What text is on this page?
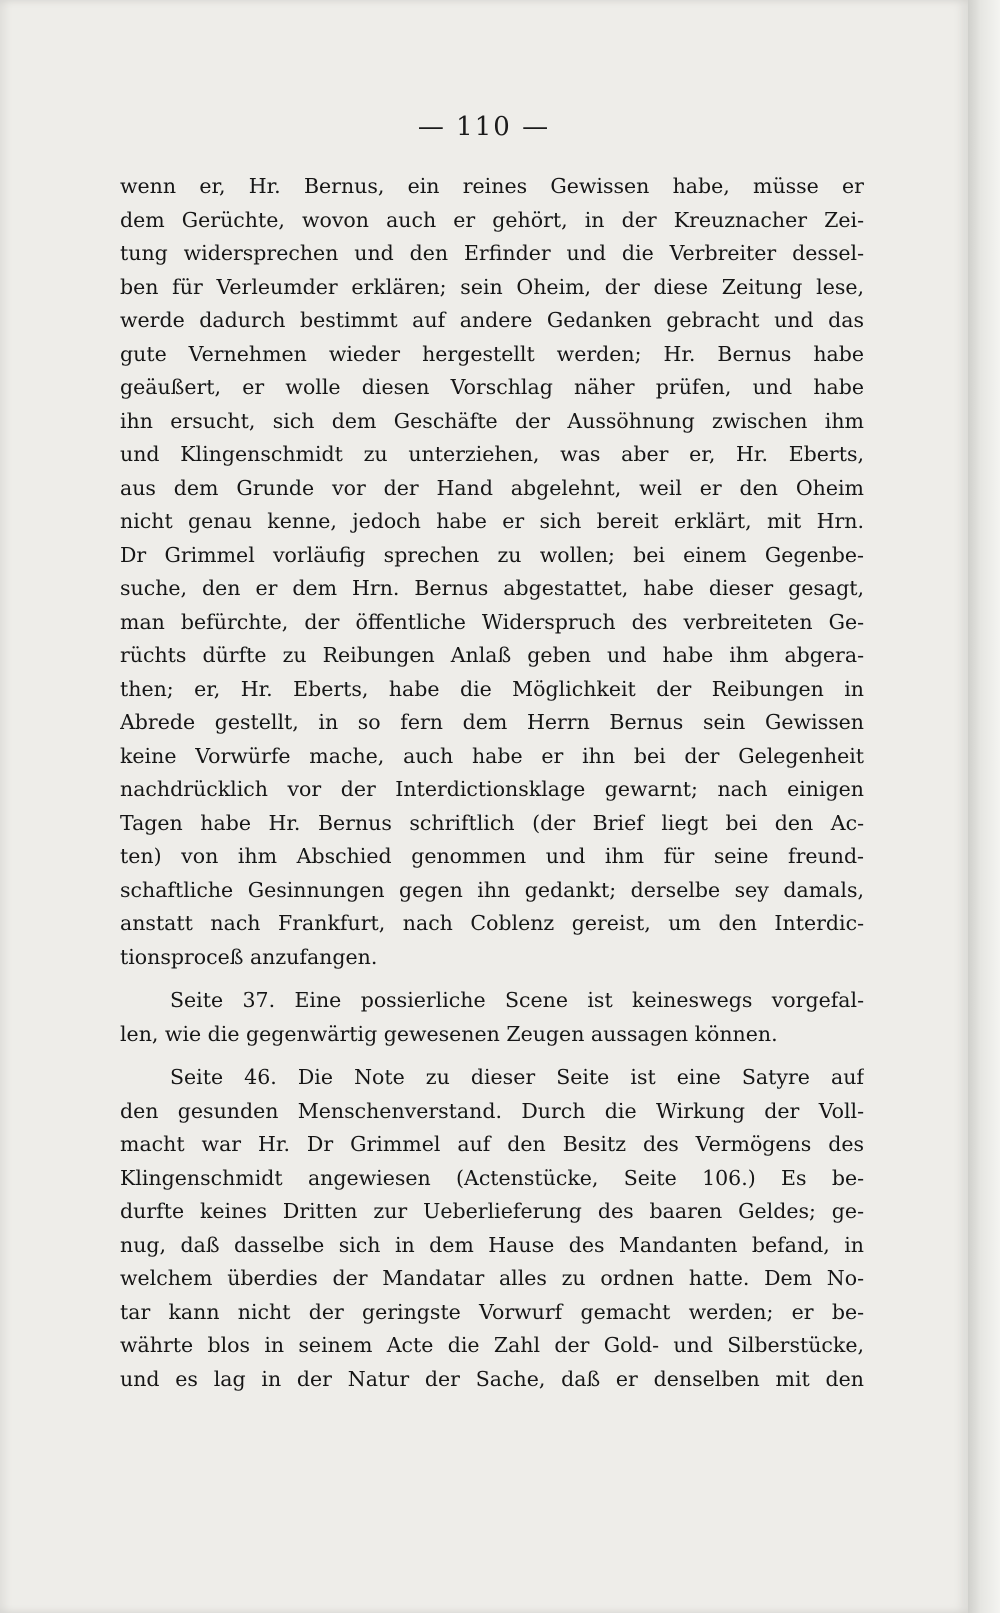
— 110 —
wenn er, Hr. Bernus, ein reines Gewissen habe, müsse er
dem Gerüchte, wovon auch er gehört, in der Kreuznacher Zei-
tung widersprechen und den Erfinder und die Verbreiter dessel-
ben für Verleumder erklären; sein Oheim, der diese Zeitung lese,
werde dadurch bestimmt auf andere Gedanken gebracht und das
gute Vernehmen wieder hergestellt werden; Hr. Bernus habe
geäußert, er wolle diesen Vorschlag näher prüfen, und habe
ihn ersucht, sich dem Geschäfte der Aussöhnung zwischen ihm
und Klingenschmidt zu unterziehen, was aber er, Hr. Eberts,
aus dem Grunde vor der Hand abgelehnt, weil er den Oheim
nicht genau kenne, jedoch habe er sich bereit erklärt, mit Hrn.
Dr Grimmel vorläufig sprechen zu wollen; bei einem Gegenbe-
suche, den er dem Hrn. Bernus abgestattet, habe dieser gesagt,
man befürchte, der öffentliche Widerspruch des verbreiteten Ge-
rüchts dürfte zu Reibungen Anlaß geben und habe ihm abgera-
then; er, Hr. Eberts, habe die Möglichkeit der Reibungen in
Abrede gestellt, in so fern dem Herrn Bernus sein Gewissen
keine Vorwürfe mache, auch habe er ihn bei der Gelegenheit
nachdrücklich vor der Interdictionsklage gewarnt; nach einigen
Tagen habe Hr. Bernus schriftlich (der Brief liegt bei den Ac-
ten) von ihm Abschied genommen und ihm für seine freund-
schaftliche Gesinnungen gegen ihn gedankt; derselbe sey damals,
anstatt nach Frankfurt, nach Coblenz gereist, um den Interdic-
tionsproceß anzufangen.
Seite 37. Eine possierliche Scene ist keineswegs vorgefal-
len, wie die gegenwärtig gewesenen Zeugen aussagen können.
Seite 46. Die Note zu dieser Seite ist eine Satyre auf
den gesunden Menschenverstand. Durch die Wirkung der Voll-
macht war Hr. Dr Grimmel auf den Besitz des Vermögens des
Klingenschmidt angewiesen (Actenstücke, Seite 106.) Es be-
durfte keines Dritten zur Ueberlieferung des baaren Geldes; ge-
nug, daß dasselbe sich in dem Hause des Mandanten befand, in
welchem überdies der Mandatar alles zu ordnen hatte. Dem No-
tar kann nicht der geringste Vorwurf gemacht werden; er be-
währte blos in seinem Acte die Zahl der Gold- und Silberstücke,
und es lag in der Natur der Sache, daß er denselben mit den
